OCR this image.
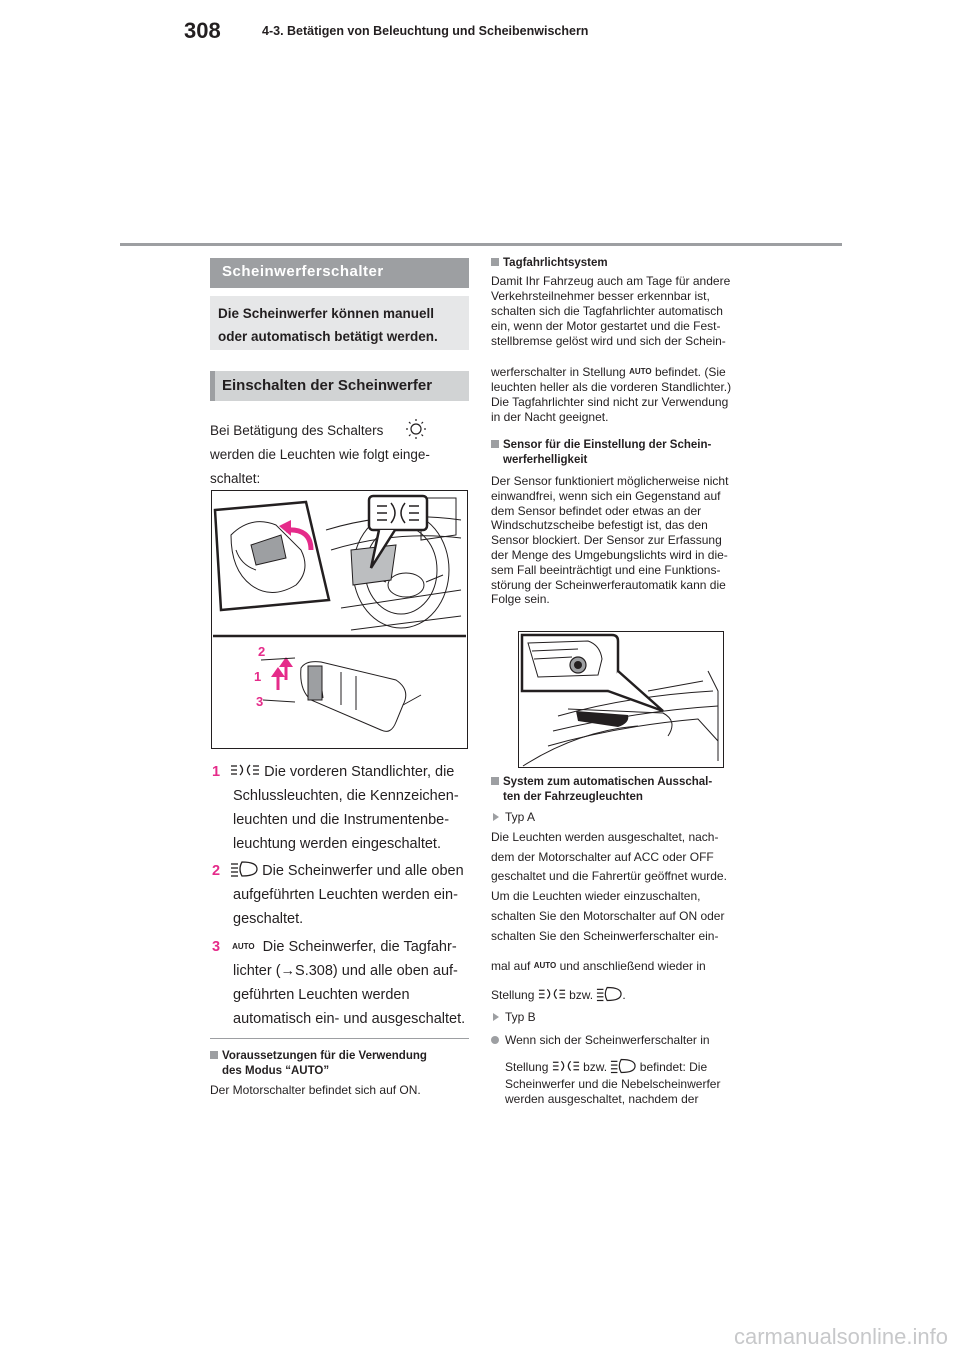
308	4-3. Betätigen von Beleuchtung und Scheibenwischern
Scheinwerferschalter

Die Scheinwerfer können manuell

oder automatisch betätigt werden.

Einschalten der Scheinwerfer
Bei Betätigung des Schalters
werden die Leuchten wie folgt einge-
schaltet:
2
1
3
1	Die vorderen Standlichter, die
Schlussleuchten, die Kennzeichen-
leuchten und die Instrumentenbe-
leuchtung werden eingeschaltet.
2	Die Scheinwerfer und alle oben
aufgeführten Leuchten werden ein-
geschaltet.
3 AUTO Die Scheinwerfer, die Tagfahr-
lichter (→S.308) und alle oben auf-
geführten Leuchten werden
automatisch ein- und ausgeschaltet.
Voraussetzungen für die Verwendung
des Modus “AUTO”
Der Motorschalter befindet sich auf ON.
Tagfahrlichtsystem
Damit Ihr Fahrzeug auch am Tage für andere
Verkehrsteilnehmer besser erkennbar ist,
schalten sich die Tagfahrlichter automatisch
ein, wenn der Motor gestartet und die Fest-
stellbremse gelöst wird und sich der Schein-
werferschalter in Stellung AUTO befindet. (Sie
leuchten heller als die vorderen Standlichter.)
Die Tagfahrlichter sind nicht zur Verwendung
in der Nacht geeignet.
Sensor für die Einstellung der Schein-
werferhelligkeit
Der Sensor funktioniert möglicherweise nicht
einwandfrei, wenn sich ein Gegenstand auf
dem Sensor befindet oder etwas an der
Windschutzscheibe befestigt ist, das den
Sensor blockiert. Der Sensor zur Erfassung
der Menge des Umgebungslichts wird in die-
sem Fall beeinträchtigt und eine Funktions-
störung der Scheinwerferautomatik kann die
Folge sein.
System zum automatischen Ausschal-
ten der Fahrzeugleuchten
Typ A
Die Leuchten werden ausgeschaltet, nach-
dem der Motorschalter auf ACC oder OFF
geschaltet und die Fahrertür geöffnet wurde.
Um die Leuchten wieder einzuschalten,
schalten Sie den Motorschalter auf ON oder
schalten Sie den Scheinwerferschalter ein-
mal auf AUTO und anschließend wieder in
Stellung	bzw. .
Typ B
Wenn sich der Scheinwerferschalter in
Stellung	bzw.	befindet: Die
Scheinwerfer und die Nebelscheinwerfer
werden ausgeschaltet, nachdem der
carmanualsonline.info
